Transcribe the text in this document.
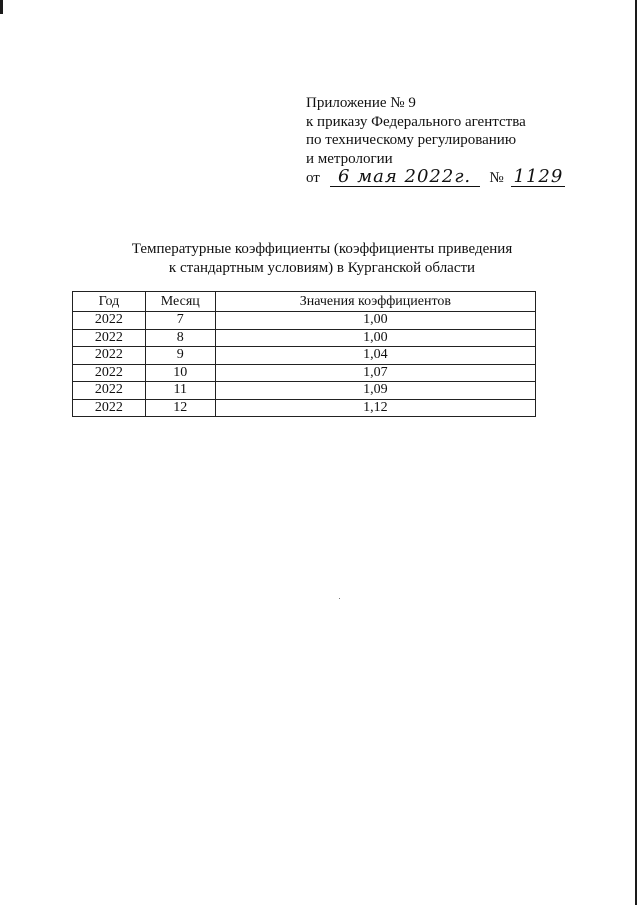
Приложение № 9
к приказу Федерального агентства
по техническому регулированию
и метрологии
от 6 мая 2022г. № 1129
Температурные коэффициенты (коэффициенты приведения
к стандартным условиям) в Курганской области
Год	Месяц	Значения коэффициентов
2022	7	1,00
2022	8	1,00
2022	9	1,04
2022	10	1,07
2022	11	1,09
2022	12	1,12
